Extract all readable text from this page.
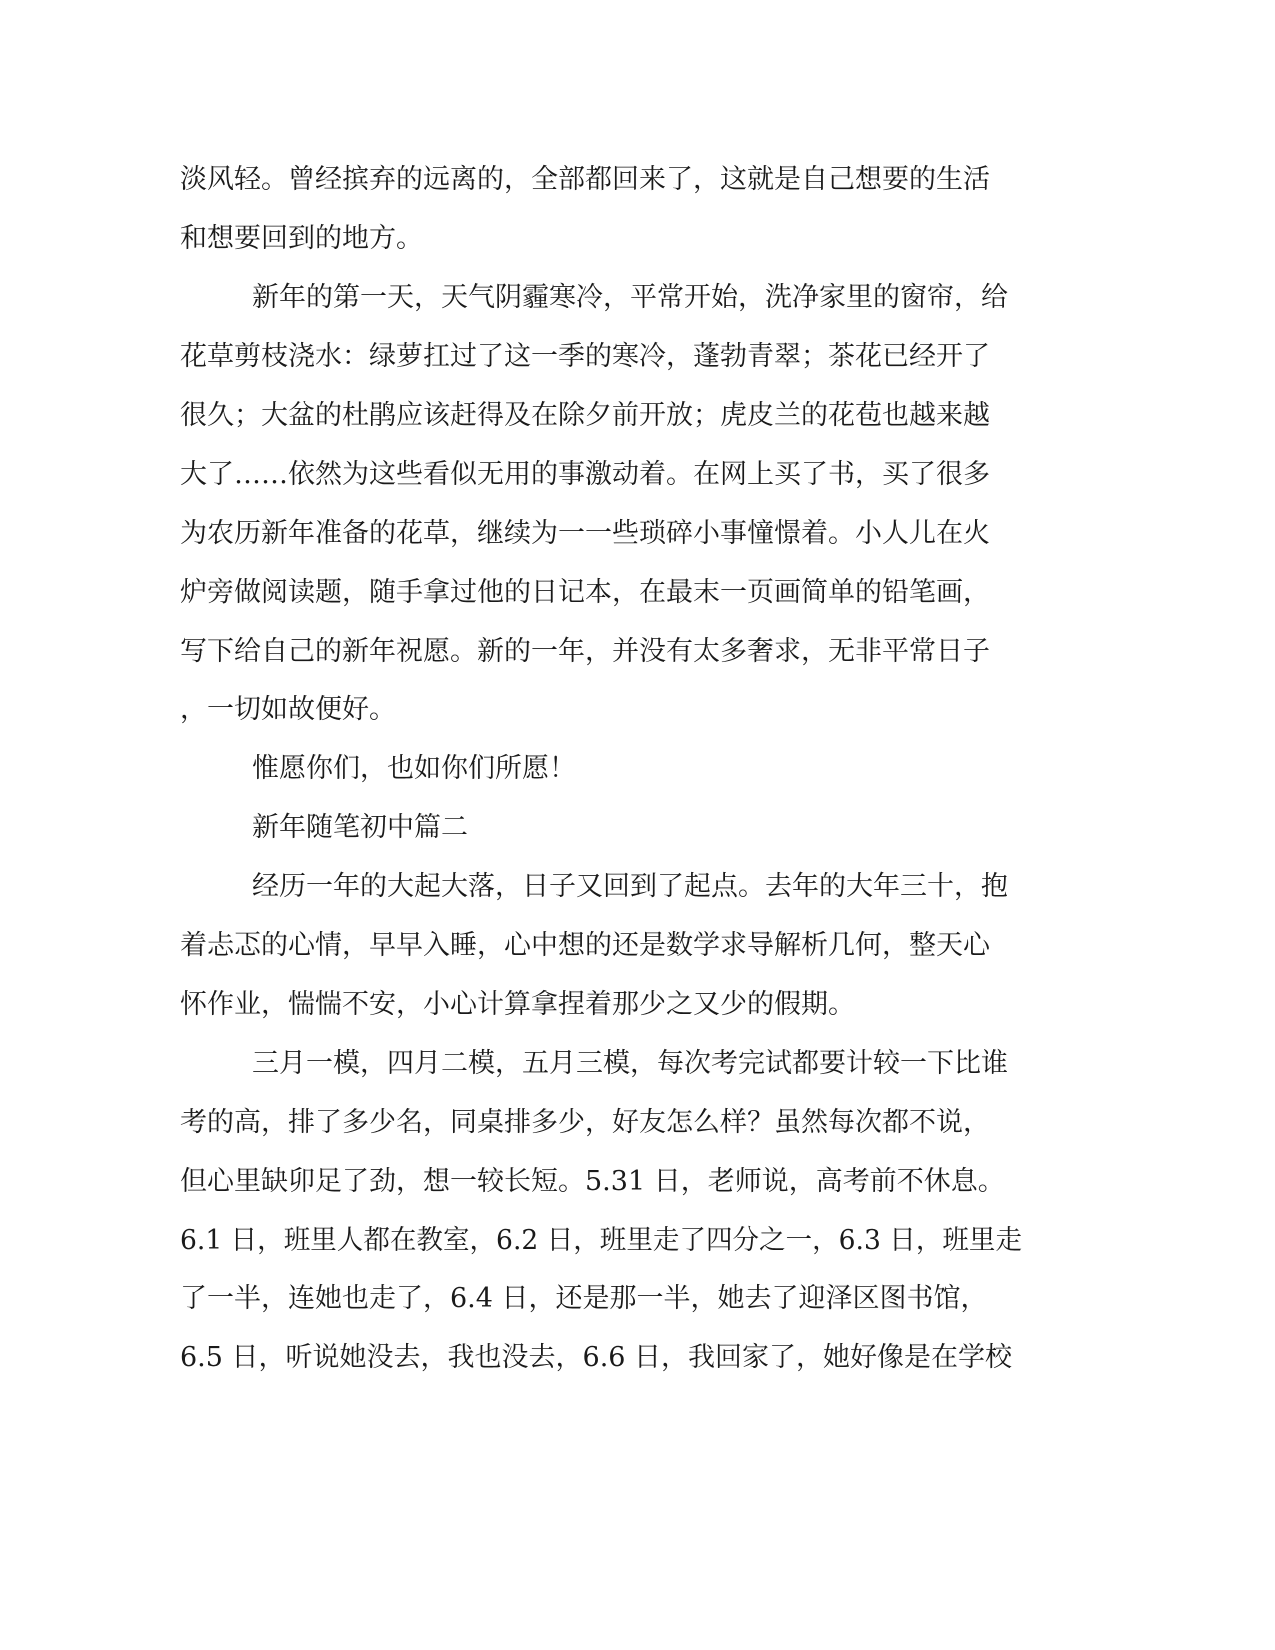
淡风轻。曾经摈弃的远离的，全部都回来了，这就是自己想要的生活
和想要回到的地方。
新年的第一天，天气阴霾寒冷，平常开始，洗净家里的窗帘，给
花草剪枝浇水：绿萝扛过了这一季的寒冷，蓬勃青翠；茶花已经开了
很久；大盆的杜鹃应该赶得及在除夕前开放；虎皮兰的花苞也越来越
大了……依然为这些看似无用的事激动着。在网上买了书，买了很多
为农历新年准备的花草，继续为一一些琐碎小事憧憬着。小人儿在火
炉旁做阅读题，随手拿过他的日记本，在最末一页画简单的铅笔画，
写下给自己的新年祝愿。新的一年，并没有太多奢求，无非平常日子
，一切如故便好。
惟愿你们，也如你们所愿！
新年随笔初中篇二
经历一年的大起大落，日子又回到了起点。去年的大年三十，抱
着忐忑的心情，早早入睡，心中想的还是数学求导解析几何，整天心
怀作业，惴惴不安，小心计算拿捏着那少之又少的假期。
三月一模，四月二模，五月三模，每次考完试都要计较一下比谁
考的高，排了多少名，同桌排多少，好友怎么样？虽然每次都不说，
但心里缺卯足了劲，想一较长短。5.31 日，老师说，高考前不休息。
6.1 日，班里人都在教室，6.2 日，班里走了四分之一，6.3 日，班里走
了一半，连她也走了，6.4 日，还是那一半，她去了迎泽区图书馆，
6.5 日，听说她没去，我也没去，6.6 日，我回家了，她好像是在学校
